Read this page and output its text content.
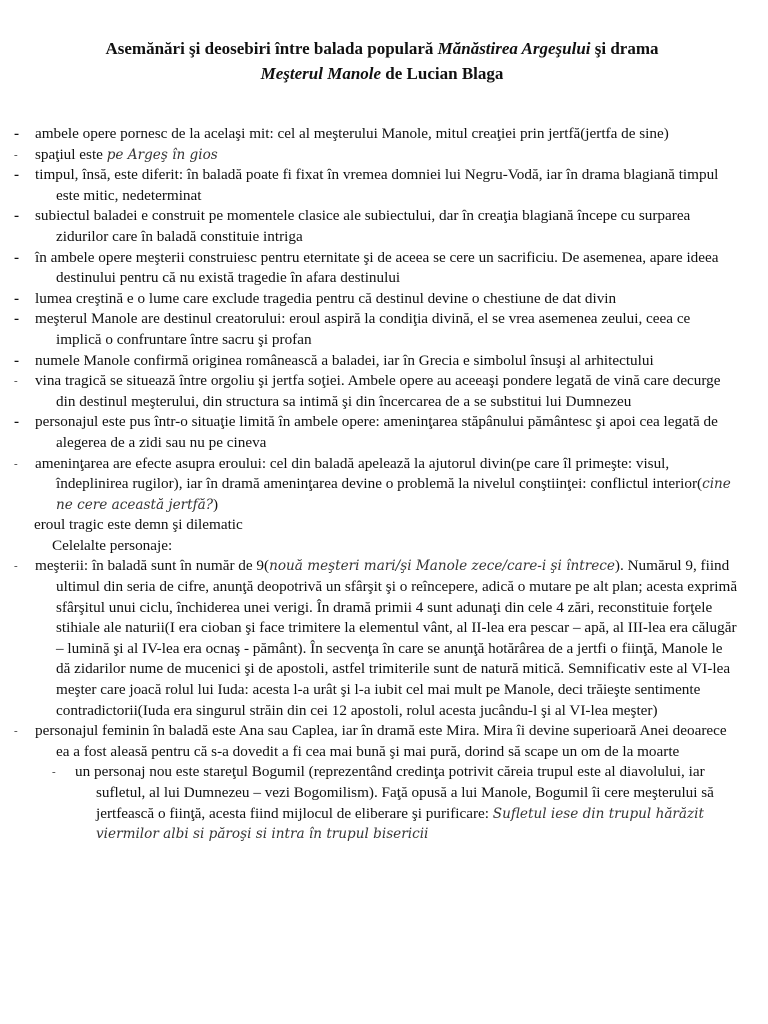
Asemănări şi deosebiri între balada populară Mănăstirea Argeşului şi drama
Meşterul Manole de Lucian Blaga
-	ambele opere pornesc de la acelaşi mit: cel al meşterului Manole, mitul creaţiei prin jertfă(jertfa de sine)
-	spaţiul este pe Argeş în gios
-	timpul, însă, este diferit: în baladă poate fi fixat în vremea domniei lui Negru-Vodă, iar în drama blagiană timpul este mitic, nedeterminat
-	subiectul baladei e construit pe momentele clasice ale subiectului, dar în creaţia blagiană începe cu surparea zidurilor care în baladă constituie intriga
-	în ambele opere meşterii construiesc pentru eternitate şi de aceea se cere un sacrificiu. De asemenea, apare ideea destinului pentru că nu există tragedie în afara destinului
-	lumea creştină e o lume care exclude tragedia pentru că destinul devine o chestiune de dat divin
-	meşterul Manole are destinul creatorului: eroul aspiră la condiţia divină, el se vrea asemenea zeului, ceea ce implică o confruntare între sacru şi profan
-	numele Manole confirmă originea românească a baladei, iar în Grecia e simbolul însuşi al arhitectului
-	vina tragică se situează între orgoliu şi jertfa soţiei. Ambele opere au aceeaşi pondere legată de vină care decurge din destinul meşterului, din structura sa intimă şi din încercarea de a se substitui lui Dumnezeu
-	personajul este pus într-o situaţie limită în ambele opere: ameninţarea stăpânului pământesc şi apoi cea legată de alegerea de a zidi sau nu pe cineva
-	ameninţarea are efecte asupra eroului: cel din baladă apelează la ajutorul divin(pe care îl primeşte: visul, îndeplinirea rugilor), iar în dramă ameninţarea devine o problemă la nivelul conştiinţei: conflictul interior(cine ne cere această jertfă?)
eroul tragic este demn şi dilematic
Celelalte personaje:
-	meşterii: în baladă sunt în număr de 9(nouă meşteri mari/şi Manole zece/care-i şi întrece). Numărul 9, fiind ultimul din seria de cifre, anunţă deopotrivă un sfârşit şi o reîncepere, adică o mutare pe alt plan; acesta exprimă sfârşitul unui ciclu, închiderea unei verigi. În dramă primii 4 sunt adunaţi din cele 4 zări, reconstituie forţele stihiale ale naturii(I era cioban şi face trimitere la elementul vânt, al II-lea era pescar – apă, al III-lea era călugăr – lumină şi al IV-lea era ocnaş - pământ). În secvenţa în care se anunţă hotărârea de a jertfi o fiinţă, Manole le dă zidarilor nume de mucenici şi de apostoli, astfel trimiterile sunt de natură mitică. Semnificativ este al VI-lea meşter care joacă rolul lui Iuda: acesta l-a urât şi l-a iubit cel mai mult pe Manole, deci trăieşte sentimente contradictorii(Iuda era singurul străin din cei 12 apostoli, rolul acesta jucându-l şi al VI-lea meşter)
-	personajul feminin în baladă este Ana sau Caplea, iar în dramă este Mira. Mira îi devine superioară Anei deoarece ea a fost aleasă pentru că s-a dovedit a fi cea mai bună şi mai pură, dorind să scape un om de la moarte
-	un personaj nou este stareţul Bogumil (reprezentând credinţa potrivit căreia trupul este al diavolului, iar sufletul, al lui Dumnezeu – vezi Bogomilism). Faţă opusă a lui Manole, Bogumil îi cere meşterului să jertfească o fiinţă, acesta fiind mijlocul de eliberare şi purificare: Sufletul iese din trupul hărăzit viermilor albi si păroşi si intra în trupul bisericii
